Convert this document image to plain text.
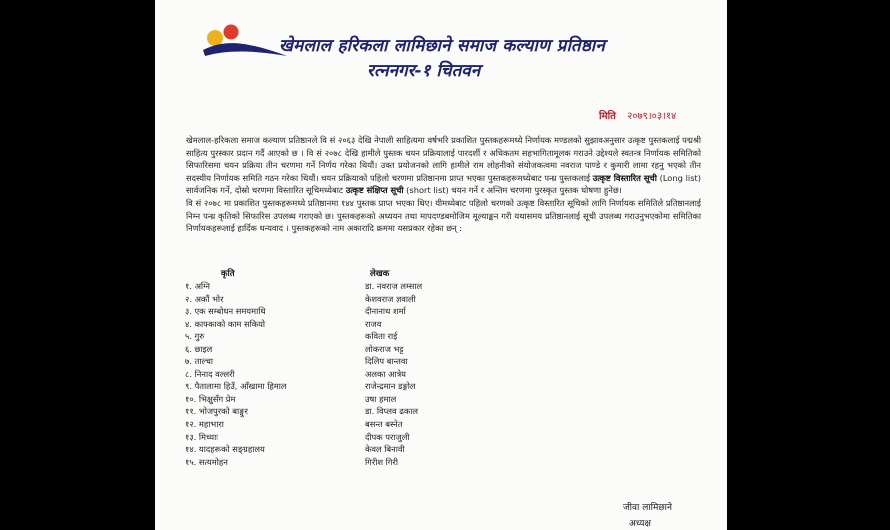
खेमलाल हरिकला लामिछाने समाज कल्याण प्रतिष्ठान
रत्ननगर-१ चितवन
मिति २०७९।०३।१४

खेमलाल-हरिकला समाज कल्याण प्रतिष्ठानले वि सं २०६३ देखि नेपाली साहित्यमा वर्षभरि प्रकाशित पुस्तकहरूमध्ये निर्णायक मण्डलको सुझावअनुसार उत्कृष्ट पुस्तकलाई पद्मश्री साहित्य पुरस्कार प्रदान गर्दै आएको छ । वि सं २०७८ देखि हामीले पुस्तक चयन प्रक्रियालाई पारदर्शी र अधिकतम सहभागितामूलक गराउने उद्देश्यले स्वतन्त्र निर्णायक समितिको सिफारिसमा चयन प्रक्रिया तीन चरणमा गर्ने निर्णय गरेका थियौं। उक्त प्रयोजनको लागि हामीले राम लोहनीको संयोजकत्वमा नवराज पाण्डे र कुमारी लामा रहनु भएको तीन सदस्यीय निर्णायक समिति गठन गरेका थियौं। चयन प्रक्रियाको पहिलो चरणमा प्रतिष्ठानमा प्राप्त भएका पुस्तकहरूमध्येबाट पन्ध्र पुस्तकलाई उत्कृष्ट विस्तारित सूची (Long list) सार्वजनिक गर्ने, दोस्रो चरणमा विस्तारित सूचिमध्येबाट उत्कृष्ट संक्षिप्त सूची (short list) चयन गर्ने र अन्तिम चरणमा पुरस्कृत पुस्तक घोषणा हुनेछ।

वि सं २०७८ मा प्रकाशित पुस्तकहरूमध्ये प्रतिष्ठानमा १४४ पुस्तक प्राप्त भएका थिए। यीमध्येबाट पहिलो चरणको उत्कृष्ट विस्तारित सूचिको लागि निर्णायक समितिले प्रतिष्ठानलाई निम्न पन्ध्र कृतिको सिफारिस उपलब्ध गराएको छ। पुस्तकहरूको अध्ययन तथा मापदण्डबमोजिम मूल्याङ्कन गरी यथासमय प्रतिष्ठानलाई सूची उपलब्ध गराउनुभएकोमा समितिका निर्णायकहरूलाई हार्दिक धन्यवाद । पुस्तकहरूको नाम अकारादि क्रममा यसप्रकार रहेका छन् :

कृति	लेखक
१. अग्नि	डा. नवराज लम्साल
२. अकौं भोर	केशवराज ज्ञवाली
३. एक सम्बोधन समयमाथि	दीनानाथ शर्मा
४. काफ्काको काम सकियो	राजव
५. गुरु	कविता राई
६. छाइल	लोकराज भट्ट
७. ताल्चा	दिलिप बान्तवा
८. निनाद वल्लरी	अलका आत्रेय
९. पैतालामा हिउँ, आँखामा हिमाल	राजेन्द्रमान डङ्गोल
१०. भिक्षुसँग प्रेम	उषा हमाल
११. भोजपुरको बाङ्गुर	डा. विप्लव ढकाल
१२. महाभारा	बसन्त बस्नेत
१३. मिच्याः	दीपक पराजुली
१४. यादहरूको सङ्ग्रहालय	केवल बिनावी
१५. सत्यमोहन	गिरीश गिरी
जीवा लामिछाने
अध्यक्ष
